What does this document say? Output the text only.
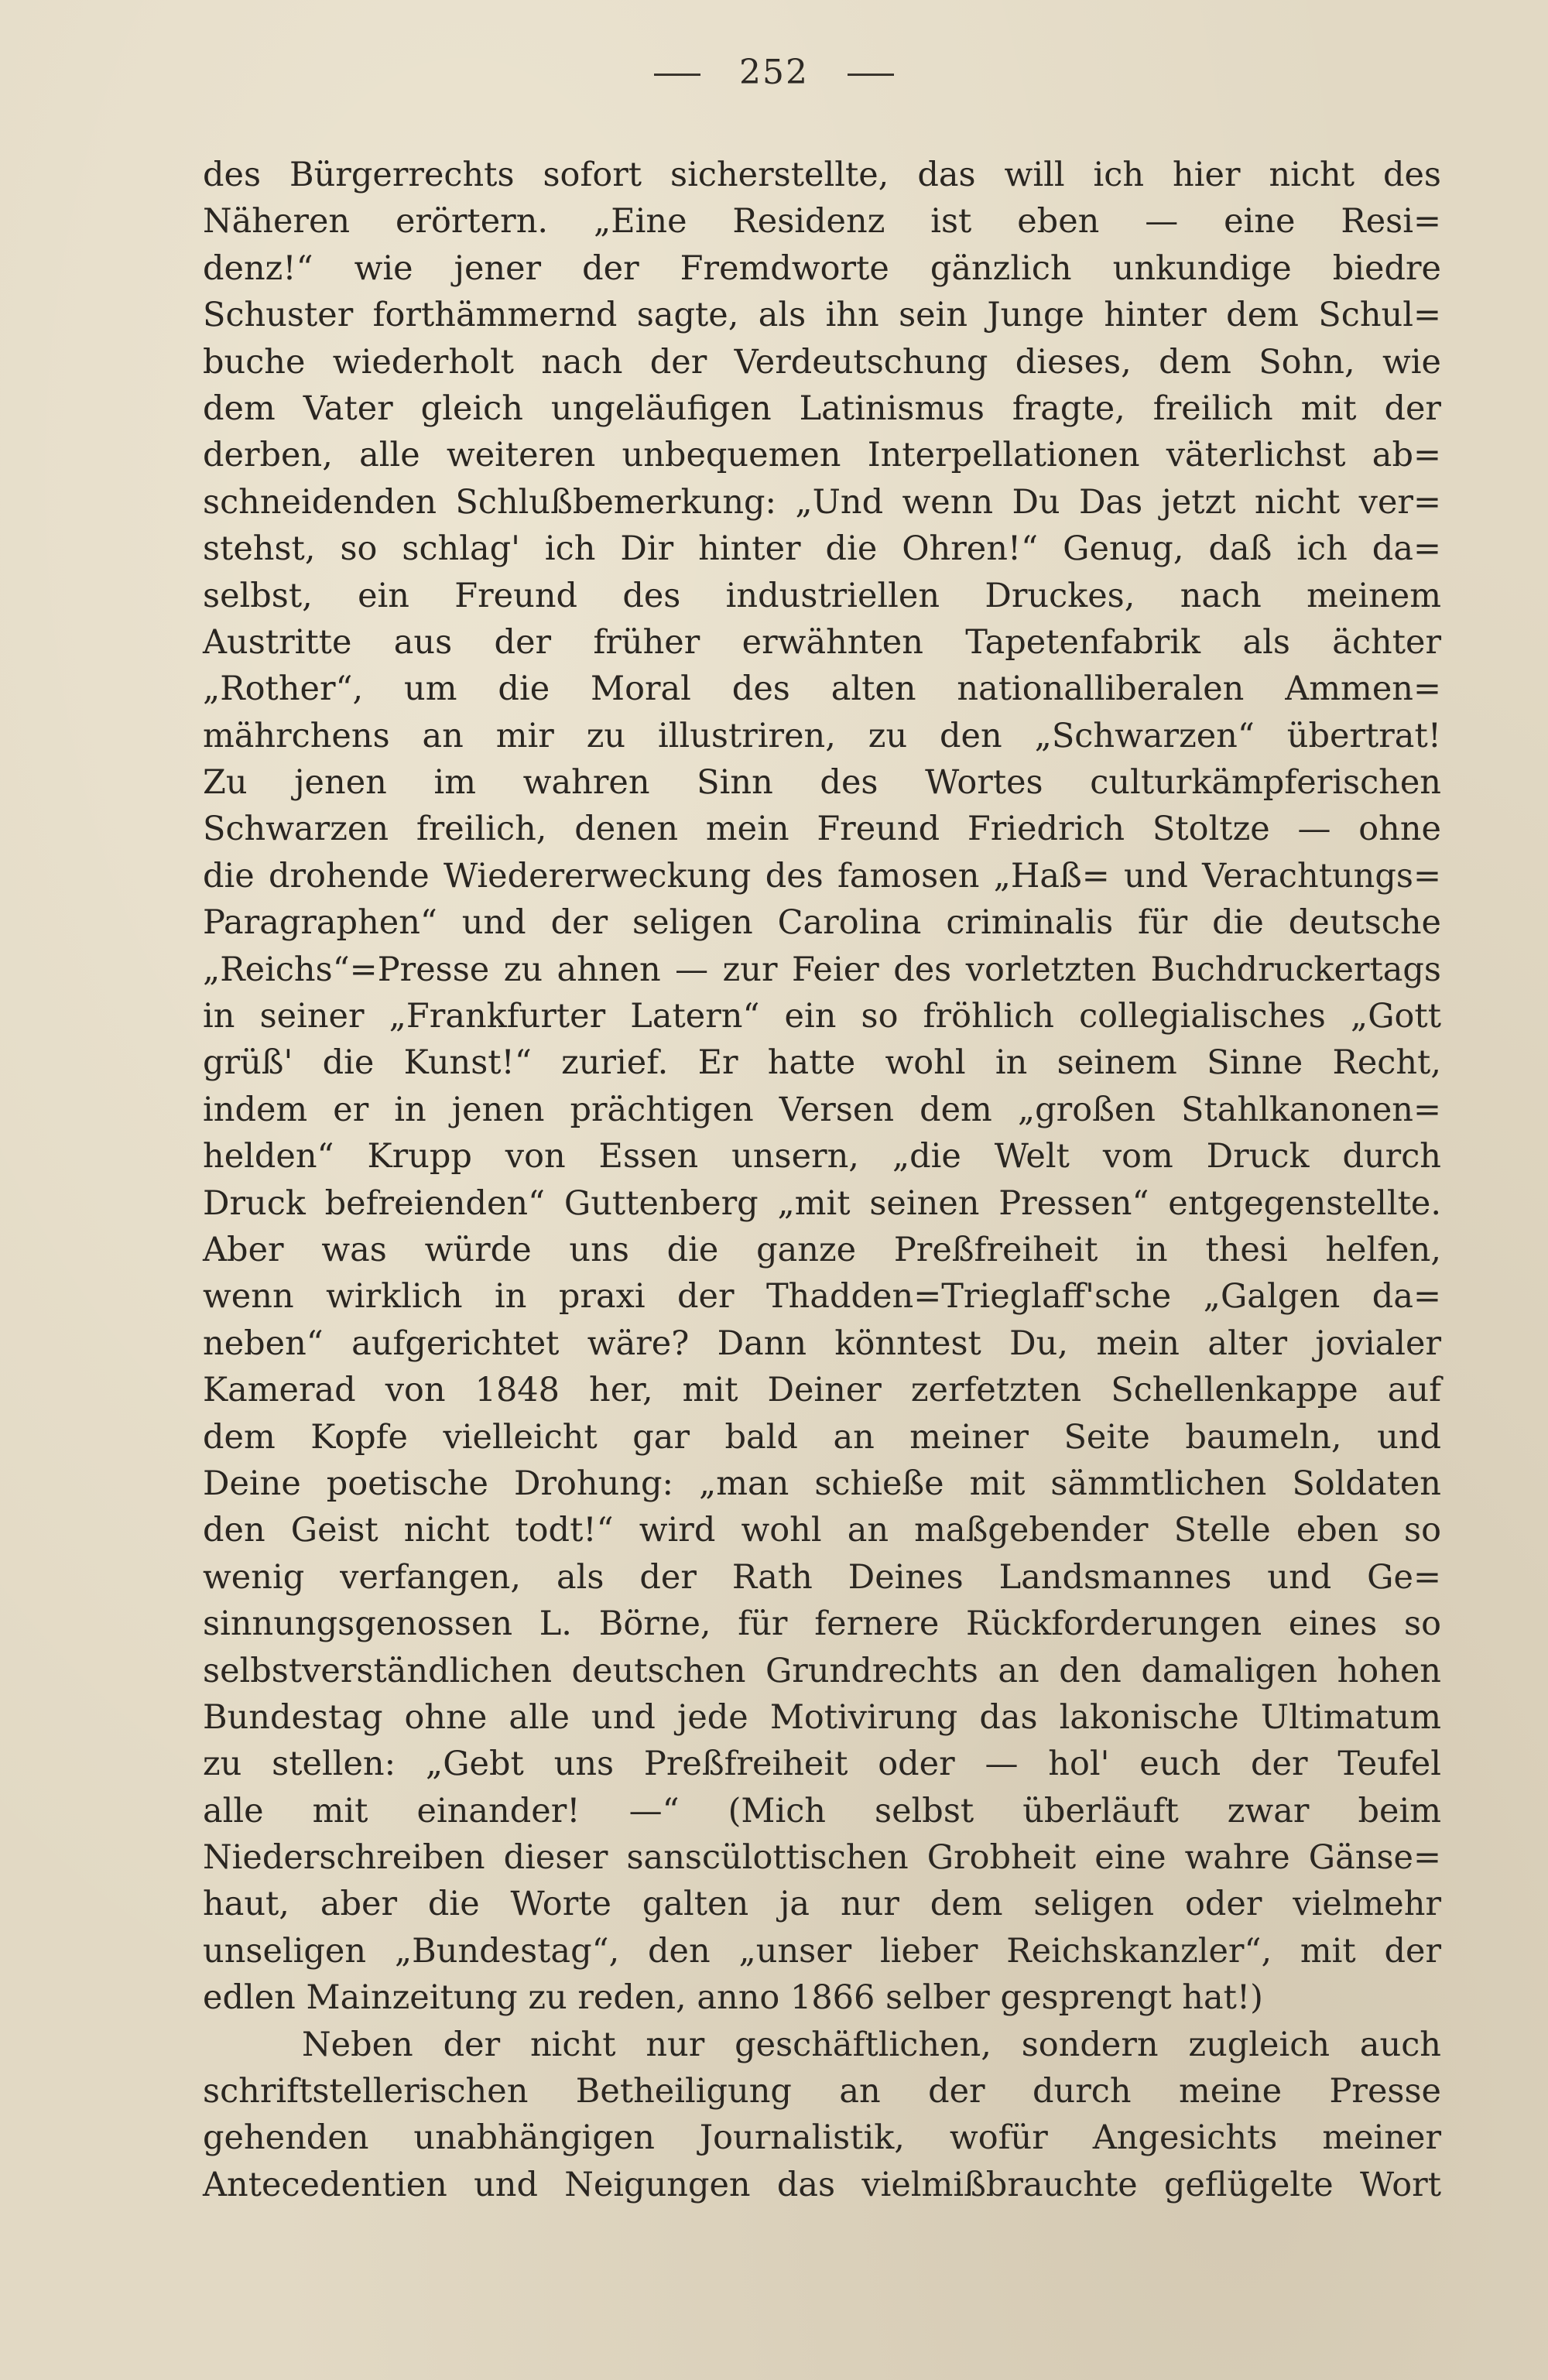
252
des Bürgerrechts sofort sicherstellte, das will ich hier nicht des
Näheren erörtern. „Eine Residenz ist eben — eine Resi=
denz!“ wie jener der Fremdworte gänzlich unkundige biedre
Schuster forthämmernd sagte, als ihn sein Junge hinter dem Schul=
buche wiederholt nach der Verdeutschung dieses, dem Sohn, wie
dem Vater gleich ungeläufigen Latinismus fragte, freilich mit der
derben, alle weiteren unbequemen Interpellationen väterlichst ab=
schneidenden Schlußbemerkung: „Und wenn Du Das jetzt nicht ver=
stehst, so schlag' ich Dir hinter die Ohren!“ Genug, daß ich da=
selbst, ein Freund des industriellen Druckes, nach meinem
Austritte aus der früher erwähnten Tapetenfabrik als ächter
„Rother“, um die Moral des alten nationalliberalen Ammen=
mährchens an mir zu illustriren, zu den „Schwarzen“ übertrat!
Zu jenen im wahren Sinn des Wortes culturkämpferischen
Schwarzen freilich, denen mein Freund Friedrich Stoltze — ohne
die drohende Wiedererweckung des famosen „Haß= und Verachtungs=
Paragraphen“ und der seligen Carolina criminalis für die deutsche
„Reichs“=Presse zu ahnen — zur Feier des vorletzten Buchdruckertags
in seiner „Frankfurter Latern“ ein so fröhlich collegialisches „Gott
grüß' die Kunst!“ zurief. Er hatte wohl in seinem Sinne Recht,
indem er in jenen prächtigen Versen dem „großen Stahlkanonen=
helden“ Krupp von Essen unsern, „die Welt vom Druck durch
Druck befreienden“ Guttenberg „mit seinen Pressen“ entgegenstellte.
Aber was würde uns die ganze Preßfreiheit in thesi helfen,
wenn wirklich in praxi der Thadden=Trieglaff'sche „Galgen da=
neben“ aufgerichtet wäre? Dann könntest Du, mein alter jovialer
Kamerad von 1848 her, mit Deiner zerfetzten Schellenkappe auf
dem Kopfe vielleicht gar bald an meiner Seite baumeln, und
Deine poetische Drohung: „man schieße mit sämmtlichen Soldaten
den Geist nicht todt!“ wird wohl an maßgebender Stelle eben so
wenig verfangen, als der Rath Deines Landsmannes und Ge=
sinnungsgenossen L. Börne, für fernere Rückforderungen eines so
selbstverständlichen deutschen Grundrechts an den damaligen hohen
Bundestag ohne alle und jede Motivirung das lakonische Ultimatum
zu stellen: „Gebt uns Preßfreiheit oder — hol' euch der Teufel
alle mit einander! —“ (Mich selbst überläuft zwar beim
Niederschreiben dieser sanscülottischen Grobheit eine wahre Gänse=
haut, aber die Worte galten ja nur dem seligen oder vielmehr
unseligen „Bundestag“, den „unser lieber Reichskanzler“, mit der
edlen Mainzeitung zu reden, anno 1866 selber gesprengt hat!)
Neben der nicht nur geschäftlichen, sondern zugleich auch
schriftstellerischen Betheiligung an der durch meine Presse
gehenden unabhängigen Journalistik, wofür Angesichts meiner
Antecedentien und Neigungen das vielmißbrauchte geflügelte Wort
